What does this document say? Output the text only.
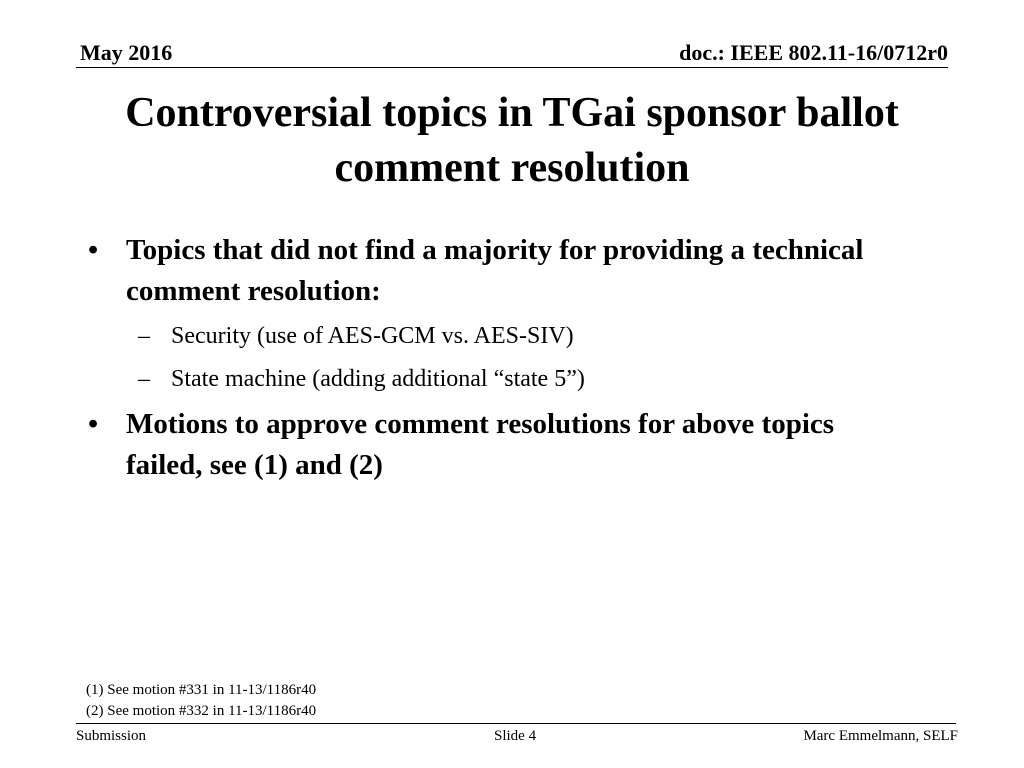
May 2016	doc.: IEEE 802.11-16/0712r0
Controversial topics in TGai sponsor ballot comment resolution
• Topics that did not find a majority for providing a technical comment resolution:
– Security (use of AES-GCM vs. AES-SIV)
– State machine (adding additional “state 5”)
• Motions to approve comment resolutions for above topics failed, see (1) and (2)
(1) See motion #331 in 11-13/1186r40
(2) See motion #332 in 11-13/1186r40
Submission	Slide 4	Marc Emmelmann, SELF
